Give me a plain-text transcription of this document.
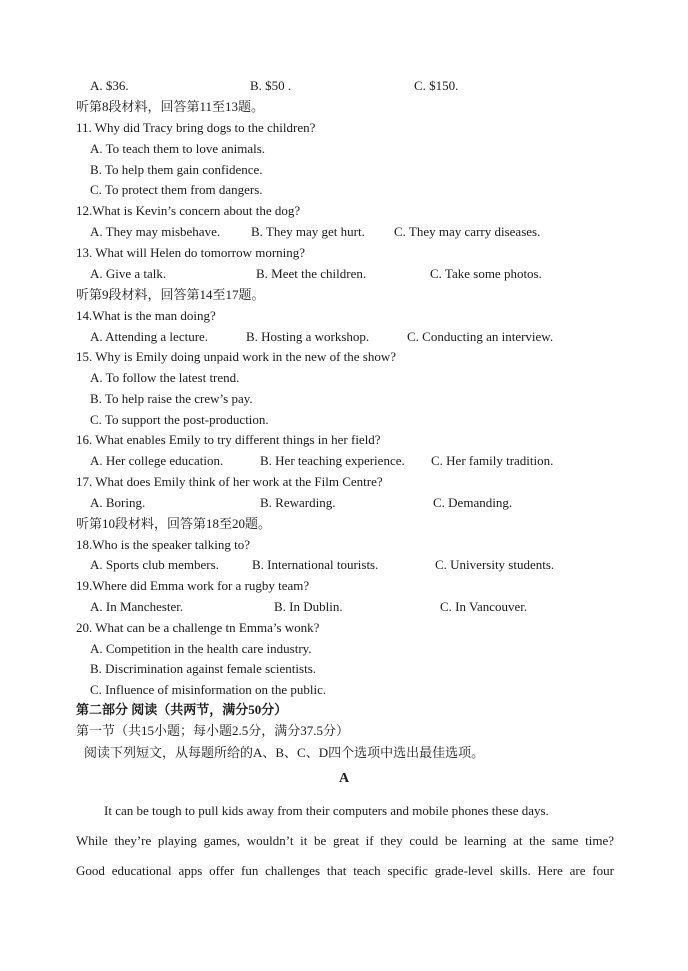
A. $36.	B. $50 .	C. $150.
听第8段材料，回答第11至13题。
11. Why did Tracy bring dogs to the children?
A. To teach them to love animals.
B. To help them gain confidence.
C. To protect them from dangers.
12.What is Kevin’s concern about the dog?
A. They may misbehave. B. They may get hurt. C. They may carry diseases.
13. What will Helen do tomorrow morning?
A. Give a talk.	B. Meet the children.	C. Take some photos.
听第9段材料，回答第14至17题。
14.What is the man doing?
A. Attending a lecture.	B. Hosting a workshop.	C. Conducting an interview.
15. Why is Emily doing unpaid work in the new of the show?
A. To follow the latest trend.
B. To help raise the crew’s pay.
C. To support the post-production.
16. What enables Emily to try different things in her field?
A. Her college education.	B. Her teaching experience. C. Her family tradition.
17. What does Emily think of her work at the Film Centre?
A. Boring.	B. Rewarding.	C. Demanding.
听第10段材料，回答第18至20题。
18.Who is the speaker talking to?
A. Sports club members.	B. International tourists.	C. University students.
19.Where did Emma work for a rugby team?
A. In Manchester.	B. In Dublin.	C. In Vancouver.
20. What can be a challenge tn Emma’s wonk?
A. Competition in the health care industry.
B. Discrimination against female scientists.
C. Influence of misinformation on the public.
第二部分 阅读（共两节，满分50分）
第一节（共15小题；每小题2.5分，满分37.5分）
阅读下列短文，从每题所给的A、B、C、D四个选项中选出最佳选项。
A
It can be tough to pull kids away from their computers and mobile phones these days.
While they’re playing games, wouldn’t it be great if they could be learning at the same time?
Good educational apps offer fun challenges that teach specific grade-level skills. Here are four
